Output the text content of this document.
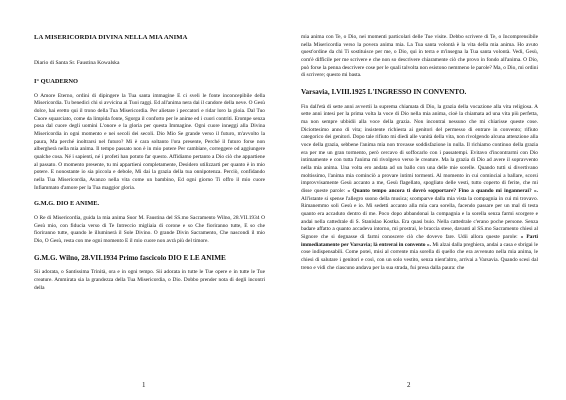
LA MISERICORDIA DIVINA NELLA MIA ANIMA
Diario di Santa Sr. Faustina Kowalska
I° QUADERNO

O Amore Eterno, ordini di dipingere la Tua santa immagine E ci sveli le fonte inconcepibile della Misericordia. Tu benedici chi si avvicina ai Tuoi raggi. Ed all'anima nera dai il candore della neve. O Gesù dolce, hai eretto qui il trono della Tua Misericordia. Per alietare i peccatori e ridar loro la gioia. Dal Tuo Cuore squarciato, come da limpida fonte, Sgorga il conforto per le anime ed i cuori contriti. Erompe senza posa dal cuore degli uomini L'onore e la gloria per questa Immagine. Ogni cuore inneggi alla Divina Misericordia in ogni momento e nei secoli dei secoli. Dio Mio Se grande verso il futuro, m'avvolto la paura, Ma perché inoltrarsi nel futuro? Mi è cara soltanto l'ora presente, Perché il futuro forse non albergherà nella mia anima. Il tempo passato non è in mio potere Per cambiare, correggere od aggiungere qualche cosa. Né i sapienti, né i profeti han potuto far questo. Affidiamo pertanto a Dio ciò che appartiene al passato. O momento presente, tu mi appartieni completamente, Desidero utilizzarti per quanto è in mio potere. E nonostante io sia piccola e debole, Mi dai la grazia della tua onnipotenza. Perciò, confidando nella Tua Misericordia, Avanzo nella vita come un bambino, Ed ogni giorno Ti offro il mio cuore Infiammato d'amore per la Tua maggior gloria.

G.M.G. DIO E ANIME.

O Re di Misericordia, guida la mia anima Suor M. Faustina del SS.mo Sacramento Wilno, 28.VII.1934 O Gesù mio, con fiducia verso di Te Intreccio migliaia di corone e so Che fioriranno tutte, E so che fioriranno tutte, quando le illuminerà il Sole Divino. O grande Divin Sacramento, Che nascondi il mio Dio, O Gesù, resta con me ogni momento E il mio cuore non avrà più del timore.

G.M.G. Wilno, 28.VII.1934 Primo fascicolo DIO E LE ANIME

Sii adorata, o Santissima Trinità, ora e in ogni tempo. Sii adorata in tutte le Tue opere e in tutte le Tue creature. Ammirata sia la grandezza della Tua Misericordia, o Dio. Dobbo prender nota di degli incontri della

1

mia anima con Te, o Dio, nei momenti particolari delle Tue visite. Debbo scrivere di Te, o Incomprensibile nella Misericordia verso la povera anima mia. La Tua santa volontà è la vita della mia anima. Ho avuto quest'ordine da chi Ti sostituisce per me, o Dio, qui in terra e m'insegna la Tua santa volontà. Vedi, Gesù, com'è difficile per me scrivere e che non so descrivere chiaramente ciò che provo in fondo all'anima. O Dio, può forse la penna descrivere cose per le quali talvolta non esistono nemmeno le parole? Ma, o Dio, mi ordini di scrivere; questo mi basta.

Varsavia, I.VIII.1925 L'INGRESSO IN CONVENTO.

Fin dall'età di sette anni avvertii la suprema chiamata di Dio, la grazia della vocazione alla vita religiosa. A sette anni intesi per la prima volta la voce di Dio nella mia anima, cioè la chiamata ad una vita più perfetta, ma non sempre ubbidii alla voce della grazia. Non incontrai nessuno che mi chiarisse queste cose. Diciottesimo anno di vita; insistente richiesta ai genitori del permesso di entrare in convento; rifiuto categorico dei genitori. Dopo tale rifiuto mi diedi alle vanità della vita, non rivolgendo alcuna attenzione alla voce della grazia, sebbene l'anima mia non trovasse soddisfazione in nulla. Il richiamo continuo della grazia era per me un gran tormento, però cercavo di soffocarlo con i passatempi. Evitavo d'incontrarmi con Dio intimamente e con tutta l'anima mi rivolgevo verso le creature. Ma la grazia di Dio ad avere il sopravvento nella mia anima. Una volta ero andata ad un ballo con una delle mie sorelle. Quando tutti si divertivano moltissimo, l'anima mia cominciò a provare intimi tormenti. Al momento in cui cominciai a ballare, scorsi improvvisamente Gesù accanto a me, Gesù flagellato, spogliato delle vesti, tutto coperto di ferite, che mi disse queste parole: « Quanto tempo ancora ti dovrò sopportare? Fino a quando mi ingannerai? ». All'istante si spense l'allegro suono della musica; scomparve dalla mia vista la compagnia in cui mi trovavo. Rimanemmo soli Gesù e io. Mi sedetti accanto alla mia cara sorella, facendo passare per un mal di testa quanto era accaduto dentro di me. Poco dopo abbandonai la compagnia e la sorella senza farmi scorgere e andai nella cattedrale di S. Stanislao Kostka. Era quasi buio. Nella cattedrale c'erano poche persone. Senza badare affatto a quanto accadeva intorno, mi prostrai, le braccia stese, davanti al SS.mo Sacramento chiesi al Signore che si degnasse di farmi conoscere ciò che dovevo fare. Udii allora queste parole: « Parti immediatamente per Varsavia; là entrerai in convento ». Mi alzai dalla preghiera, andai a casa e sbrigai le cose indispensabili. Come potei, misi al corrente mia sorella di quello che era avvenuto nella mia anima, le chiesi di salutare i genitori e così, con un solo vestito, senza nient'altro, arrivai a Varsavia. Quando scesi dal treno e vidi che ciascuno andava per la sua strada, fui presa dalla paura: che

2
